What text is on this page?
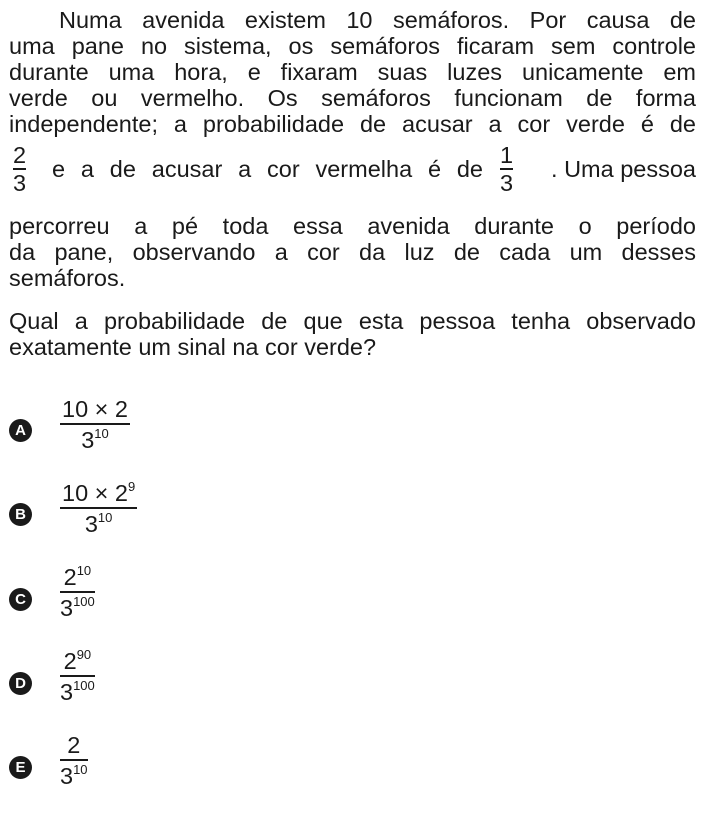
Numa avenida existem 10 semáforos. Por causa de
uma pane no sistema, os semáforos ficaram sem controle
durante uma hora, e fixaram suas luzes unicamente em
verde ou vermelho. Os semáforos funcionam de forma
independente; a probabilidade de acusar a cor verde é de
2
3
e a de acusar a cor vermelha é de
1
3
. Uma pessoa
percorreu a pé toda essa avenida durante o período
da pane, observando a cor da luz de cada um desses
semáforos.
Qual a probabilidade de que esta pessoa tenha observado
exatamente um sinal na cor verde?
A
10 × 2
$3^{10}$
B
$10 \times 2^9$
$3^{10}$
C
$2^{10}$
$3^{100}$
D
$2^{90}$
$3^{100}$
E
2
$3^{10}$
